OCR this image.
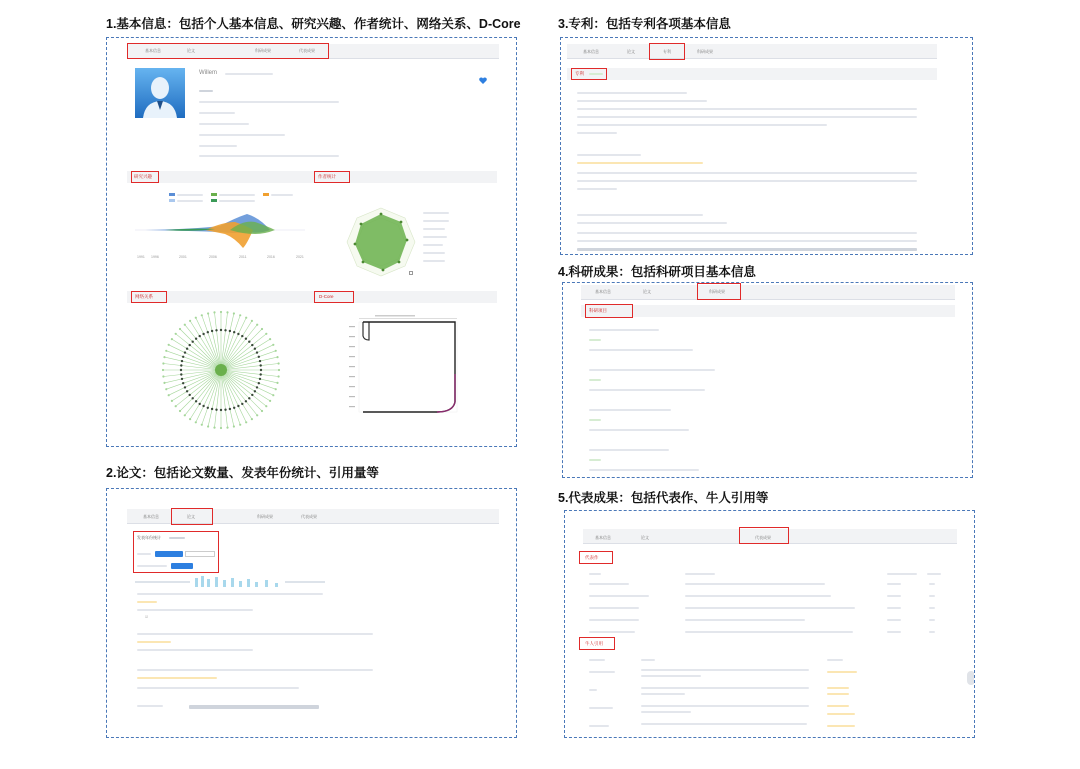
1.基本信息：包括个人基本信息、研究兴趣、作者统计、网络关系、D-Core
2.论文：包括论文数量、发表年份统计、引用量等
3.专利：包括专利各项基本信息
4.科研成果：包括科研项目基本信息
5.代表成果：包括代表作、牛人引用等
基本信息	论文	科研成果	代表成果
Willem
研究兴趣	作者统计
1991 1996	2001	2006	2011	2016	2021
网络关系	D-Core
基本信息	论文	科研成果	代表成果
发表年份统计
☑
基本信息	论文	专利	科研成果
专利
基本信息	论文	科研成果
科研项目
基本信息	论文	代表成果
代表作
牛人引用
